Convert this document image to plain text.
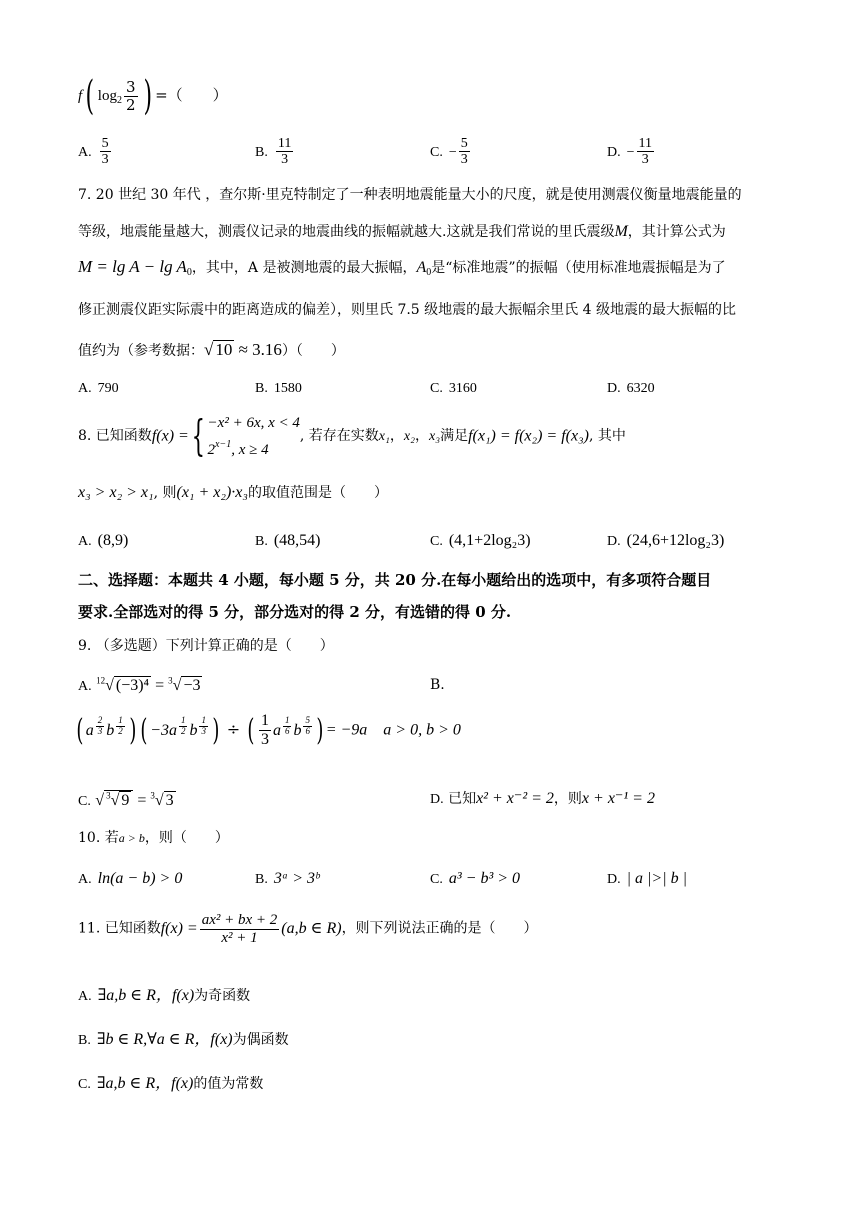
f( $\log_2 \frac{3}{2}$ ) =（　　）
A. $\frac{5}{3}$	B. $\frac{11}{3}$	C. − $\frac{5}{3}$	D. − $\frac{11}{3}$
7. 20 世纪 30 年代 ，查尔斯·里克特制定了一种表明地震能量大小的尺度，就是使用测震仪衡量地震能量的
等级，地震能量越大，测震仪记录的地震曲线的振幅就越大.这就是我们常说的里氏震级M，其计算公式为
$M = \lg A - \lg A_0$，其中，A 是被测地震的最大振幅，$A_0$是“标准地震”的振幅（使用标准地震振幅是为了
修正测震仪距实际震中的距离造成的偏差），则里氏 7.5 级地震的最大振幅余里氏 4 级地震的最大振幅的比
值约为（参考数据：√ 10 ≈ 3.16）（　　）
A. 790	B. 1580	C. 3160	D. 6320
8. 已知函数f(x) ={ −x² + 6x, x < 4
$2^{x-1}$, x ≥ 4
, 若存在实数x₁，x₂，x₃满足f(x₁) = f(x₂) = f(x₃), 其中
x₃ > x₂ > x₁, 则(x₁ + x₂)·x₃的取值范围是（　　）
A. (8,9)	B. (48,54)	C. (4,1+2log₂3)	D. (24,6+12log₂3)
二、选择题：本题共 4 小题，每小题 5 分，共 20 分.在每小题给出的选项中，有多项符合题目
要求.全部选对的得 5 分，部分选对的得 2 分，有选错的得 0 分.
9. （多选题）下列计算正确的是（　　）
A. $^{12}$√ (−3)⁴ = $^3$√ −3	B.
( a $^{\frac{2}{3}}$ b $^{\frac{1}{2}}$ ) ( −3a $^{\frac{1}{2}}$ b $^{\frac{1}{3}}$ ) ÷ ( $\frac{1}{3}$ a $^{\frac{1}{6}}$ b $^{\frac{5}{6}}$ ) = −9a　a > 0, b > 0
C. √ $^3$√ 9 = $^3$√ 3	D. 已知x² + x⁻² = 2，则x + x⁻¹ = 2
10. 若a > b，则（　　）
A. ln(a − b) > 0	B. 3ᵃ > 3ᵇ	C. a³ − b³ > 0	D. | a |>| b |
11. 已知函数$f(x) = \frac{\text{ax² + bx + 2}}{\text{x² + 1}} (a,b$ ∈ R)，则下列说法正确的是（　　）
A. ∃a,b ∈ R，f(x)为奇函数
B. ∃b ∈ R,∀a ∈ R，f(x)为偶函数
C. ∃a,b ∈ R，f(x)的值为常数
